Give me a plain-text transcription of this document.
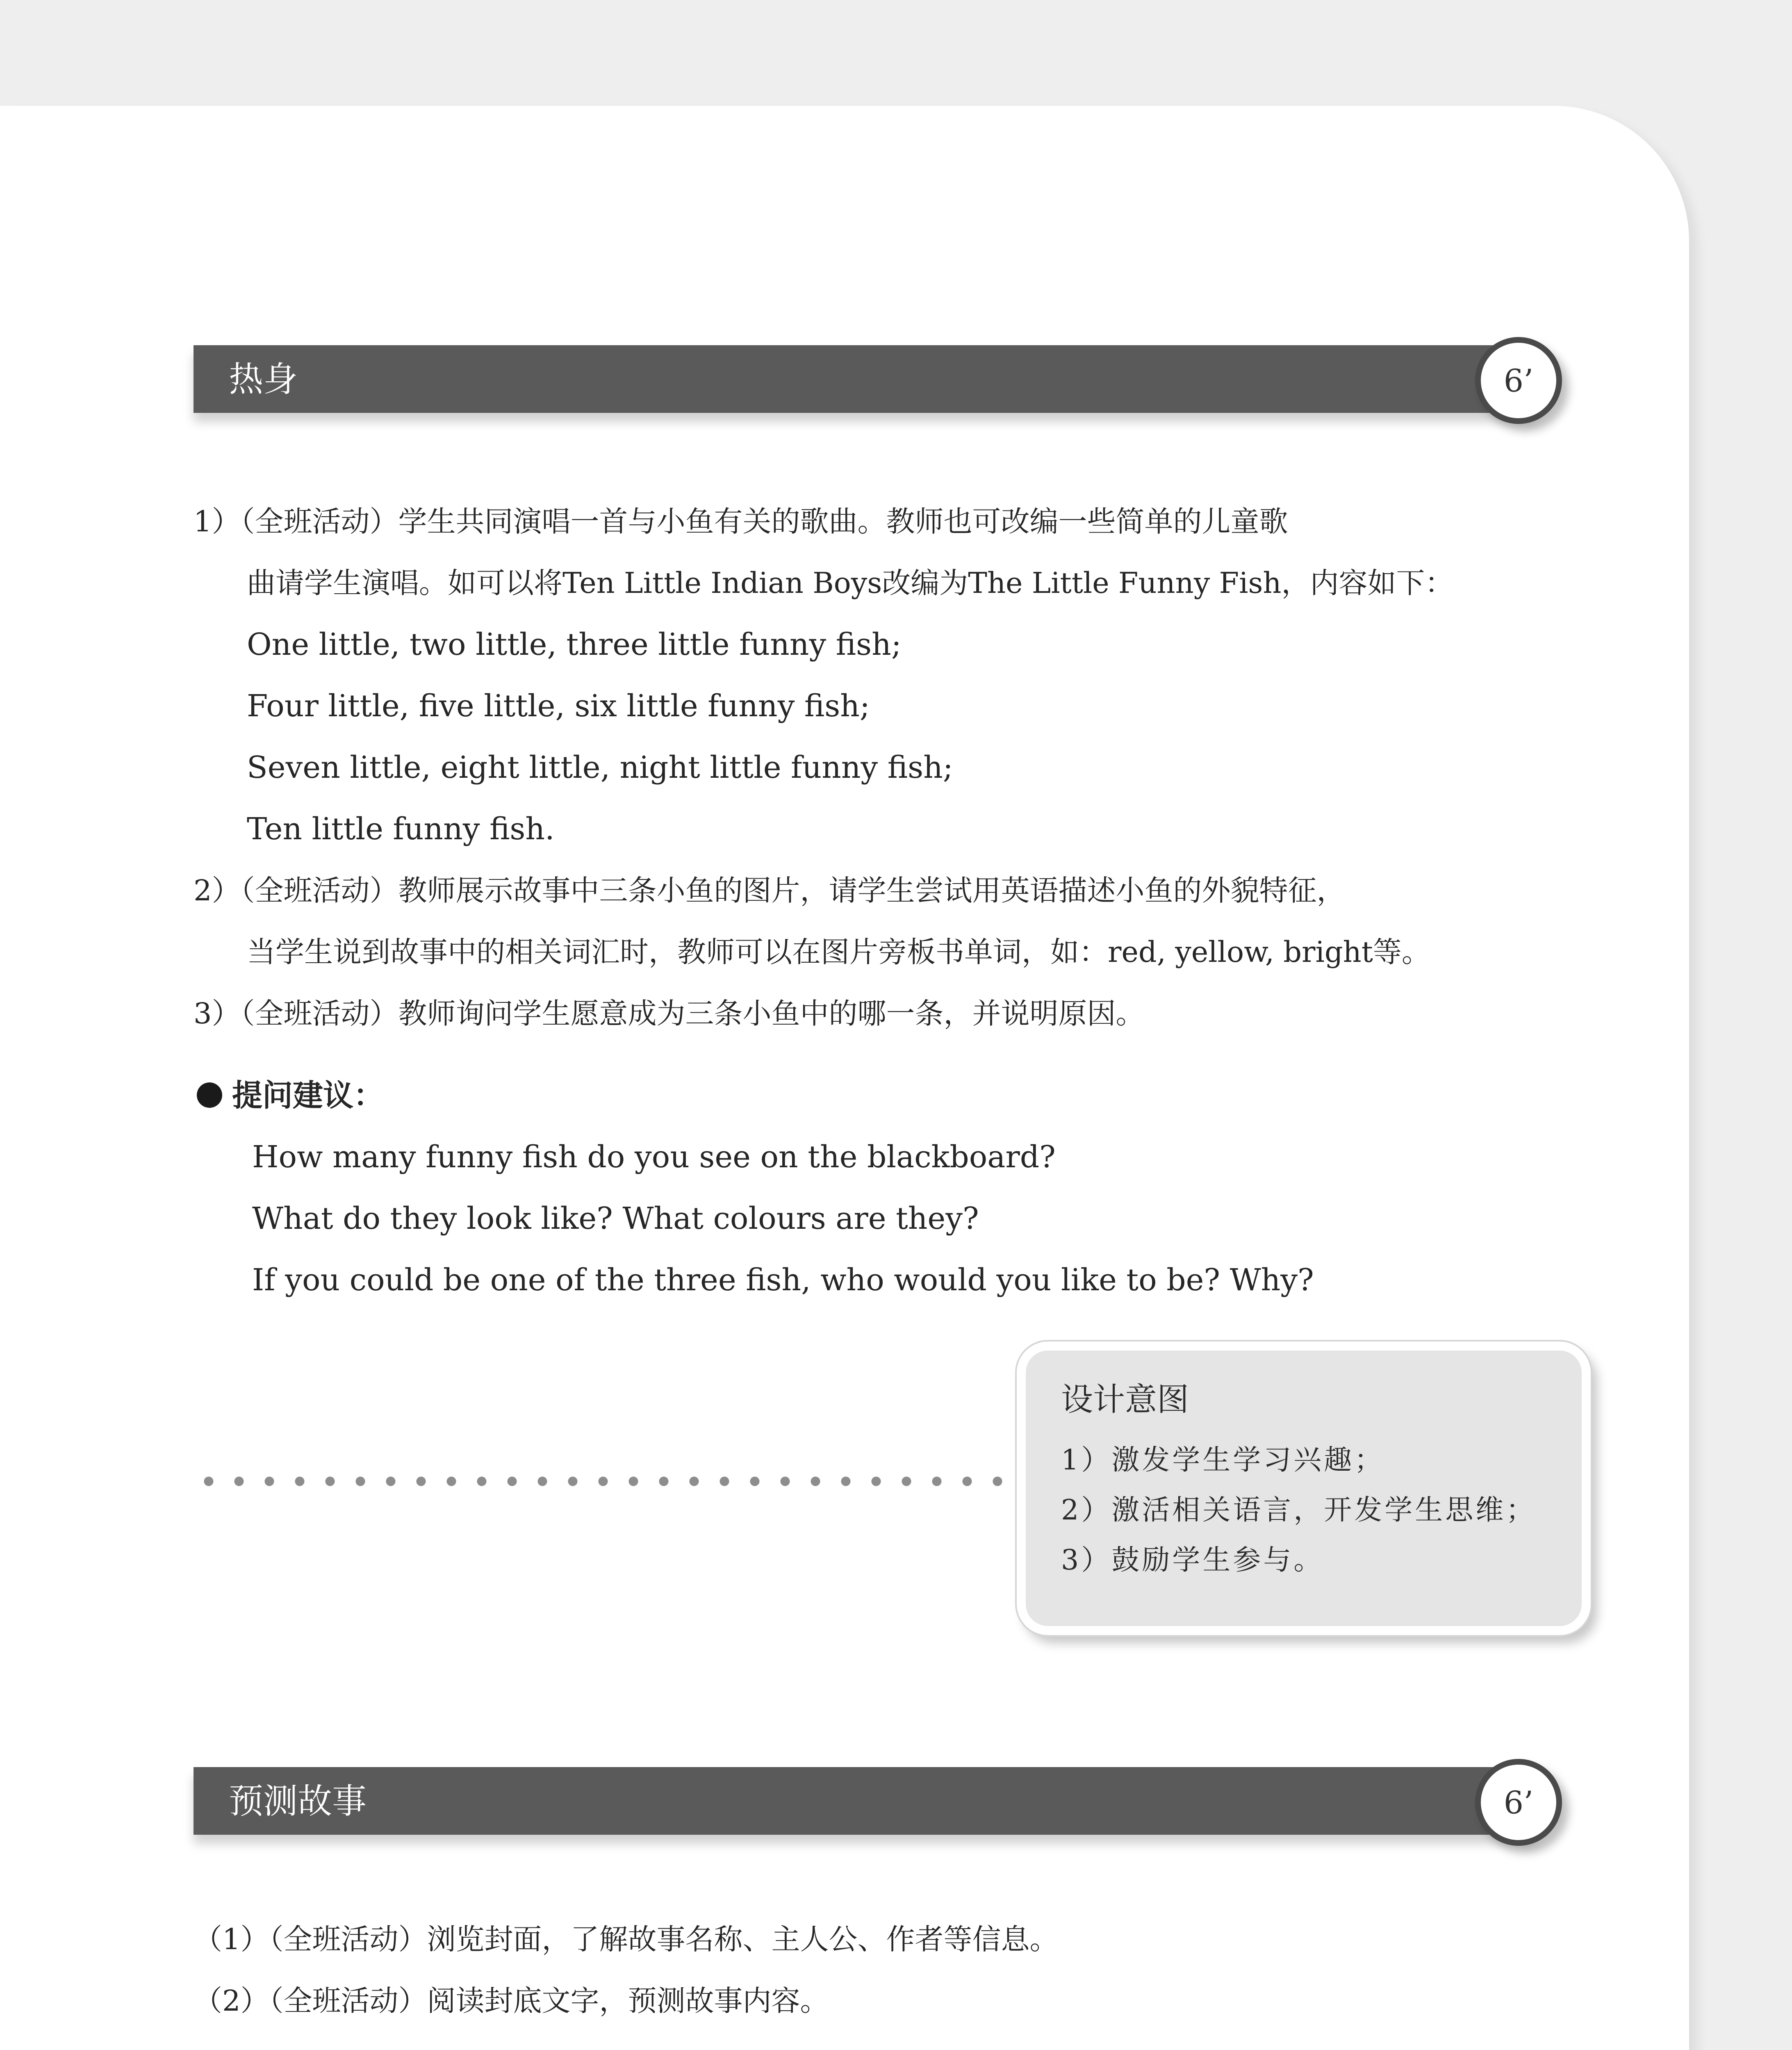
热身	6’
1）（全班活动）学生共同演唱一首与小鱼有关的歌曲。教师也可改编一些简单的儿童歌
曲请学生演唱。如可以将Ten Little Indian Boys改编为The Little Funny Fish，内容如下：
One little, two little, three little funny fish;
Four little, five little, six little funny fish;
Seven little, eight little, night little funny fish;
Ten little funny fish.
2）（全班活动）教师展示故事中三条小鱼的图片，请学生尝试用英语描述小鱼的外貌特征，
当学生说到故事中的相关词汇时，教师可以在图片旁板书单词，如：red, yellow, bright等。
3）（全班活动）教师询问学生愿意成为三条小鱼中的哪一条，并说明原因。
提问建议：
How many funny fish do you see on the blackboard?
What do they look like? What colours are they?
If you could be one of the three fish, who would you like to be? Why?
设计意图
1）激发学生学习兴趣；
2）激活相关语言，开发学生思维；
3）鼓励学生参与。
预测故事	6’
（1）（全班活动）浏览封面，了解故事名称、主人公、作者等信息。
（2）（全班活动）阅读封底文字，预测故事内容。
